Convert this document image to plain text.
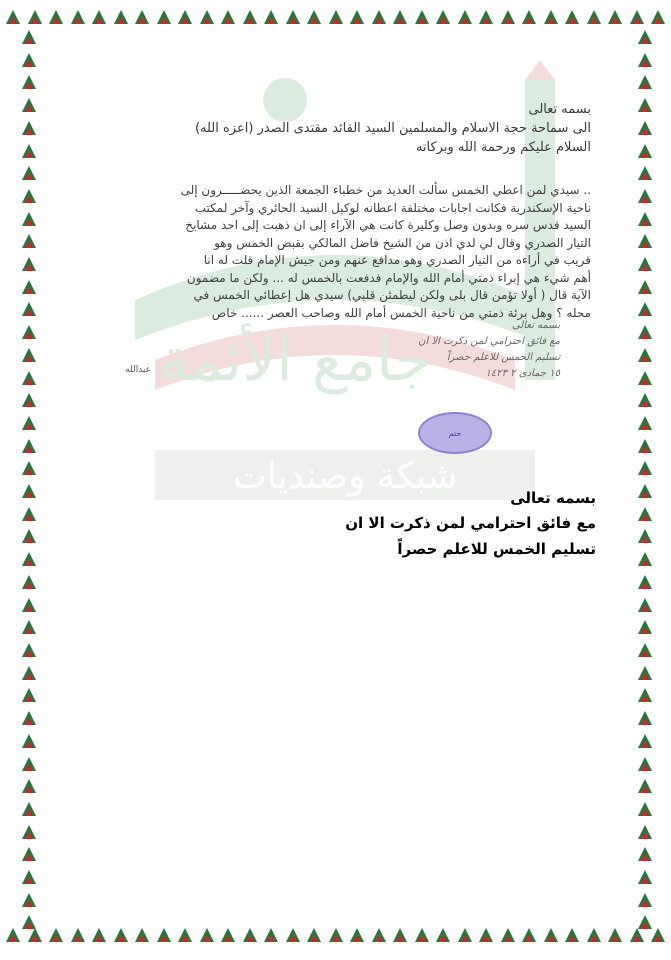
جامع الأئمة
شبكة وصنديات
بسمه تعالى
الى سماحة حجة الاسلام والمسلمين السيد القائد مقتدى الصدر (اعزه الله)
السلام عليكم ورحمة الله وبركاته
.. سيدي لمن اعطي الخمس سألت العديد من خطباء الجمعة الذين يحضـــــرون إلى
ناحية الإسكندرية فكانت اجابات مختلفة اعطانه لوكيل السيد الحائري وآخر لمكتب
السيد قدس سره وبدون وصل وكليرة كانت هي الآراء إلى ان ذهبت إلى احد مشايخ
التيار الصدري وقال لي لدي اذن من الشيخ فاضل المالكي بقبض الخمس وهو
قريب في أراءه من التيار الصدري وهو مدافع عنهم ومن جيش الإمام قلت له انا
أهم شيء هي إبراء ذمتي أمام الله والإمام فدفعت بالخمس له ... ولكن ما مضمون
الآية قال ( أولا تؤمن قال بلى ولكن ليطمئن قلبي) سيدي هل إعطائي الخمس في
محله ؟ وهل برئة ذمتي من ناحية الخمس أمام الله وصاحب العصر ...... خاص
عبدالله
بسمه تعالى
مع فائق احترامي لمن ذكرت الا ان
تسليم الخمس للاعلم حصراً
١٥ جمادى ٢ ١٤٢٣
ختم
بسمه تعالى
مع فائق احترامي لمن ذكرت الا ان
تسليم الخمس للاعلم حصراً
